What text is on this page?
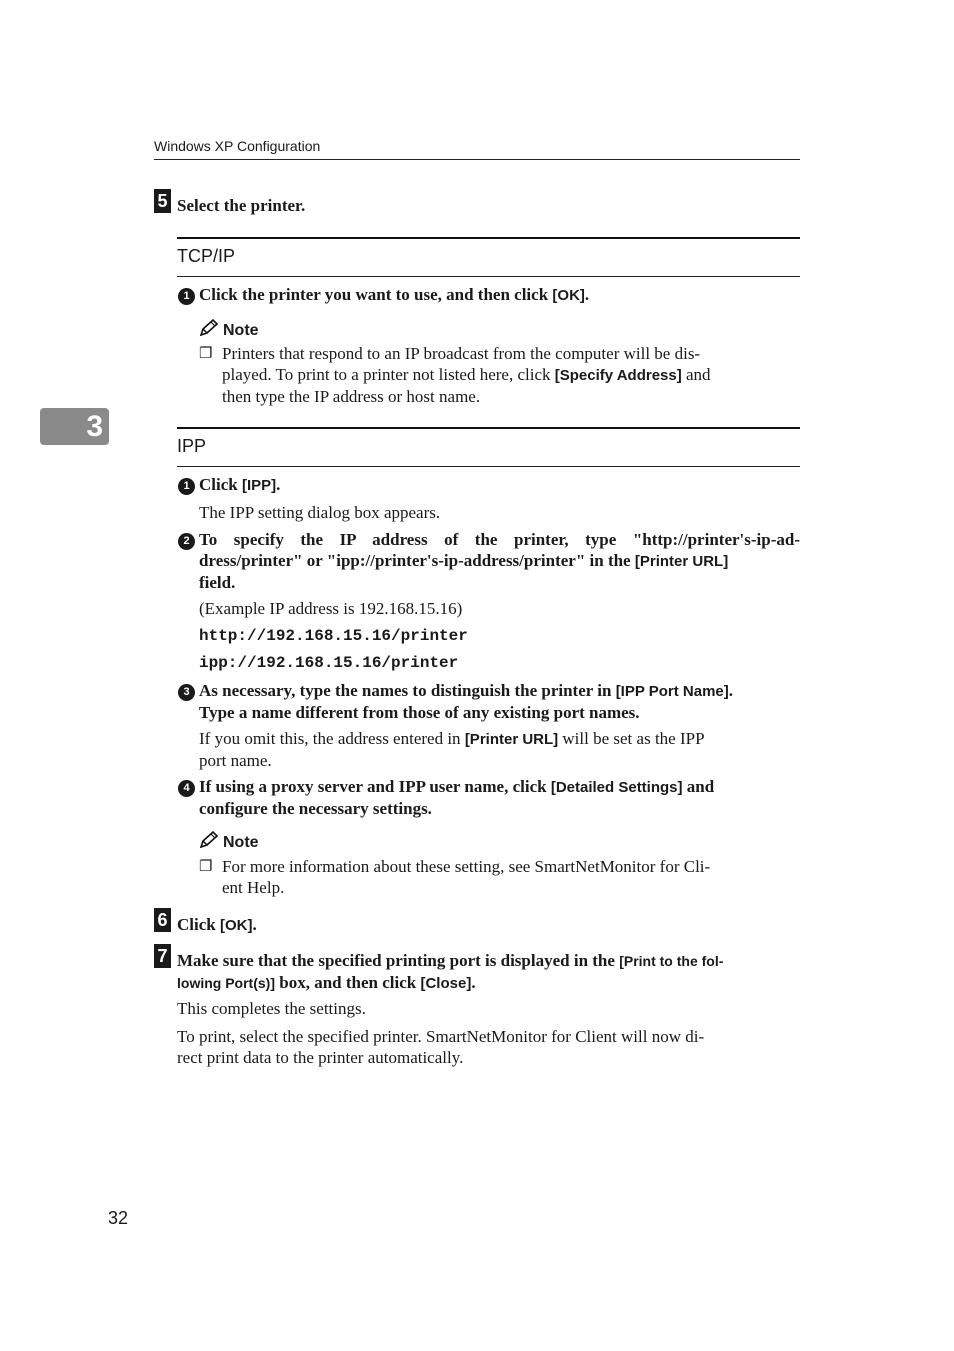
Windows XP Configuration
3
5 Select the printer.
TCP/IP
1 Click the printer you want to use, and then click [OK].
Note
❐ Printers that respond to an IP broadcast from the computer will be dis-
played. To print to a printer not listed here, click [Specify Address] and
then type the IP address or host name.
IPP
1 Click [IPP].
The IPP setting dialog box appears.
2 To specify the IP address of the printer, type "http://printer's-ip-ad-
dress/printer" or "ipp://printer's-ip-address/printer" in the [Printer URL]
field.
(Example IP address is 192.168.15.16)
http://192.168.15.16/printer
ipp://192.168.15.16/printer
3 As necessary, type the names to distinguish the printer in [IPP Port Name].
Type a name different from those of any existing port names.
If you omit this, the address entered in [Printer URL] will be set as the IPP
port name.
4 If using a proxy server and IPP user name, click [Detailed Settings] and
configure the necessary settings.
Note
❐ For more information about these setting, see SmartNetMonitor for Cli-
ent Help.
6 Click [OK].
7 Make sure that the specified printing port is displayed in the [Print to the fol-
lowing Port(s)] box, and then click [Close].
This completes the settings.
To print, select the specified printer. SmartNetMonitor for Client will now di-
rect print data to the printer automatically.
32
